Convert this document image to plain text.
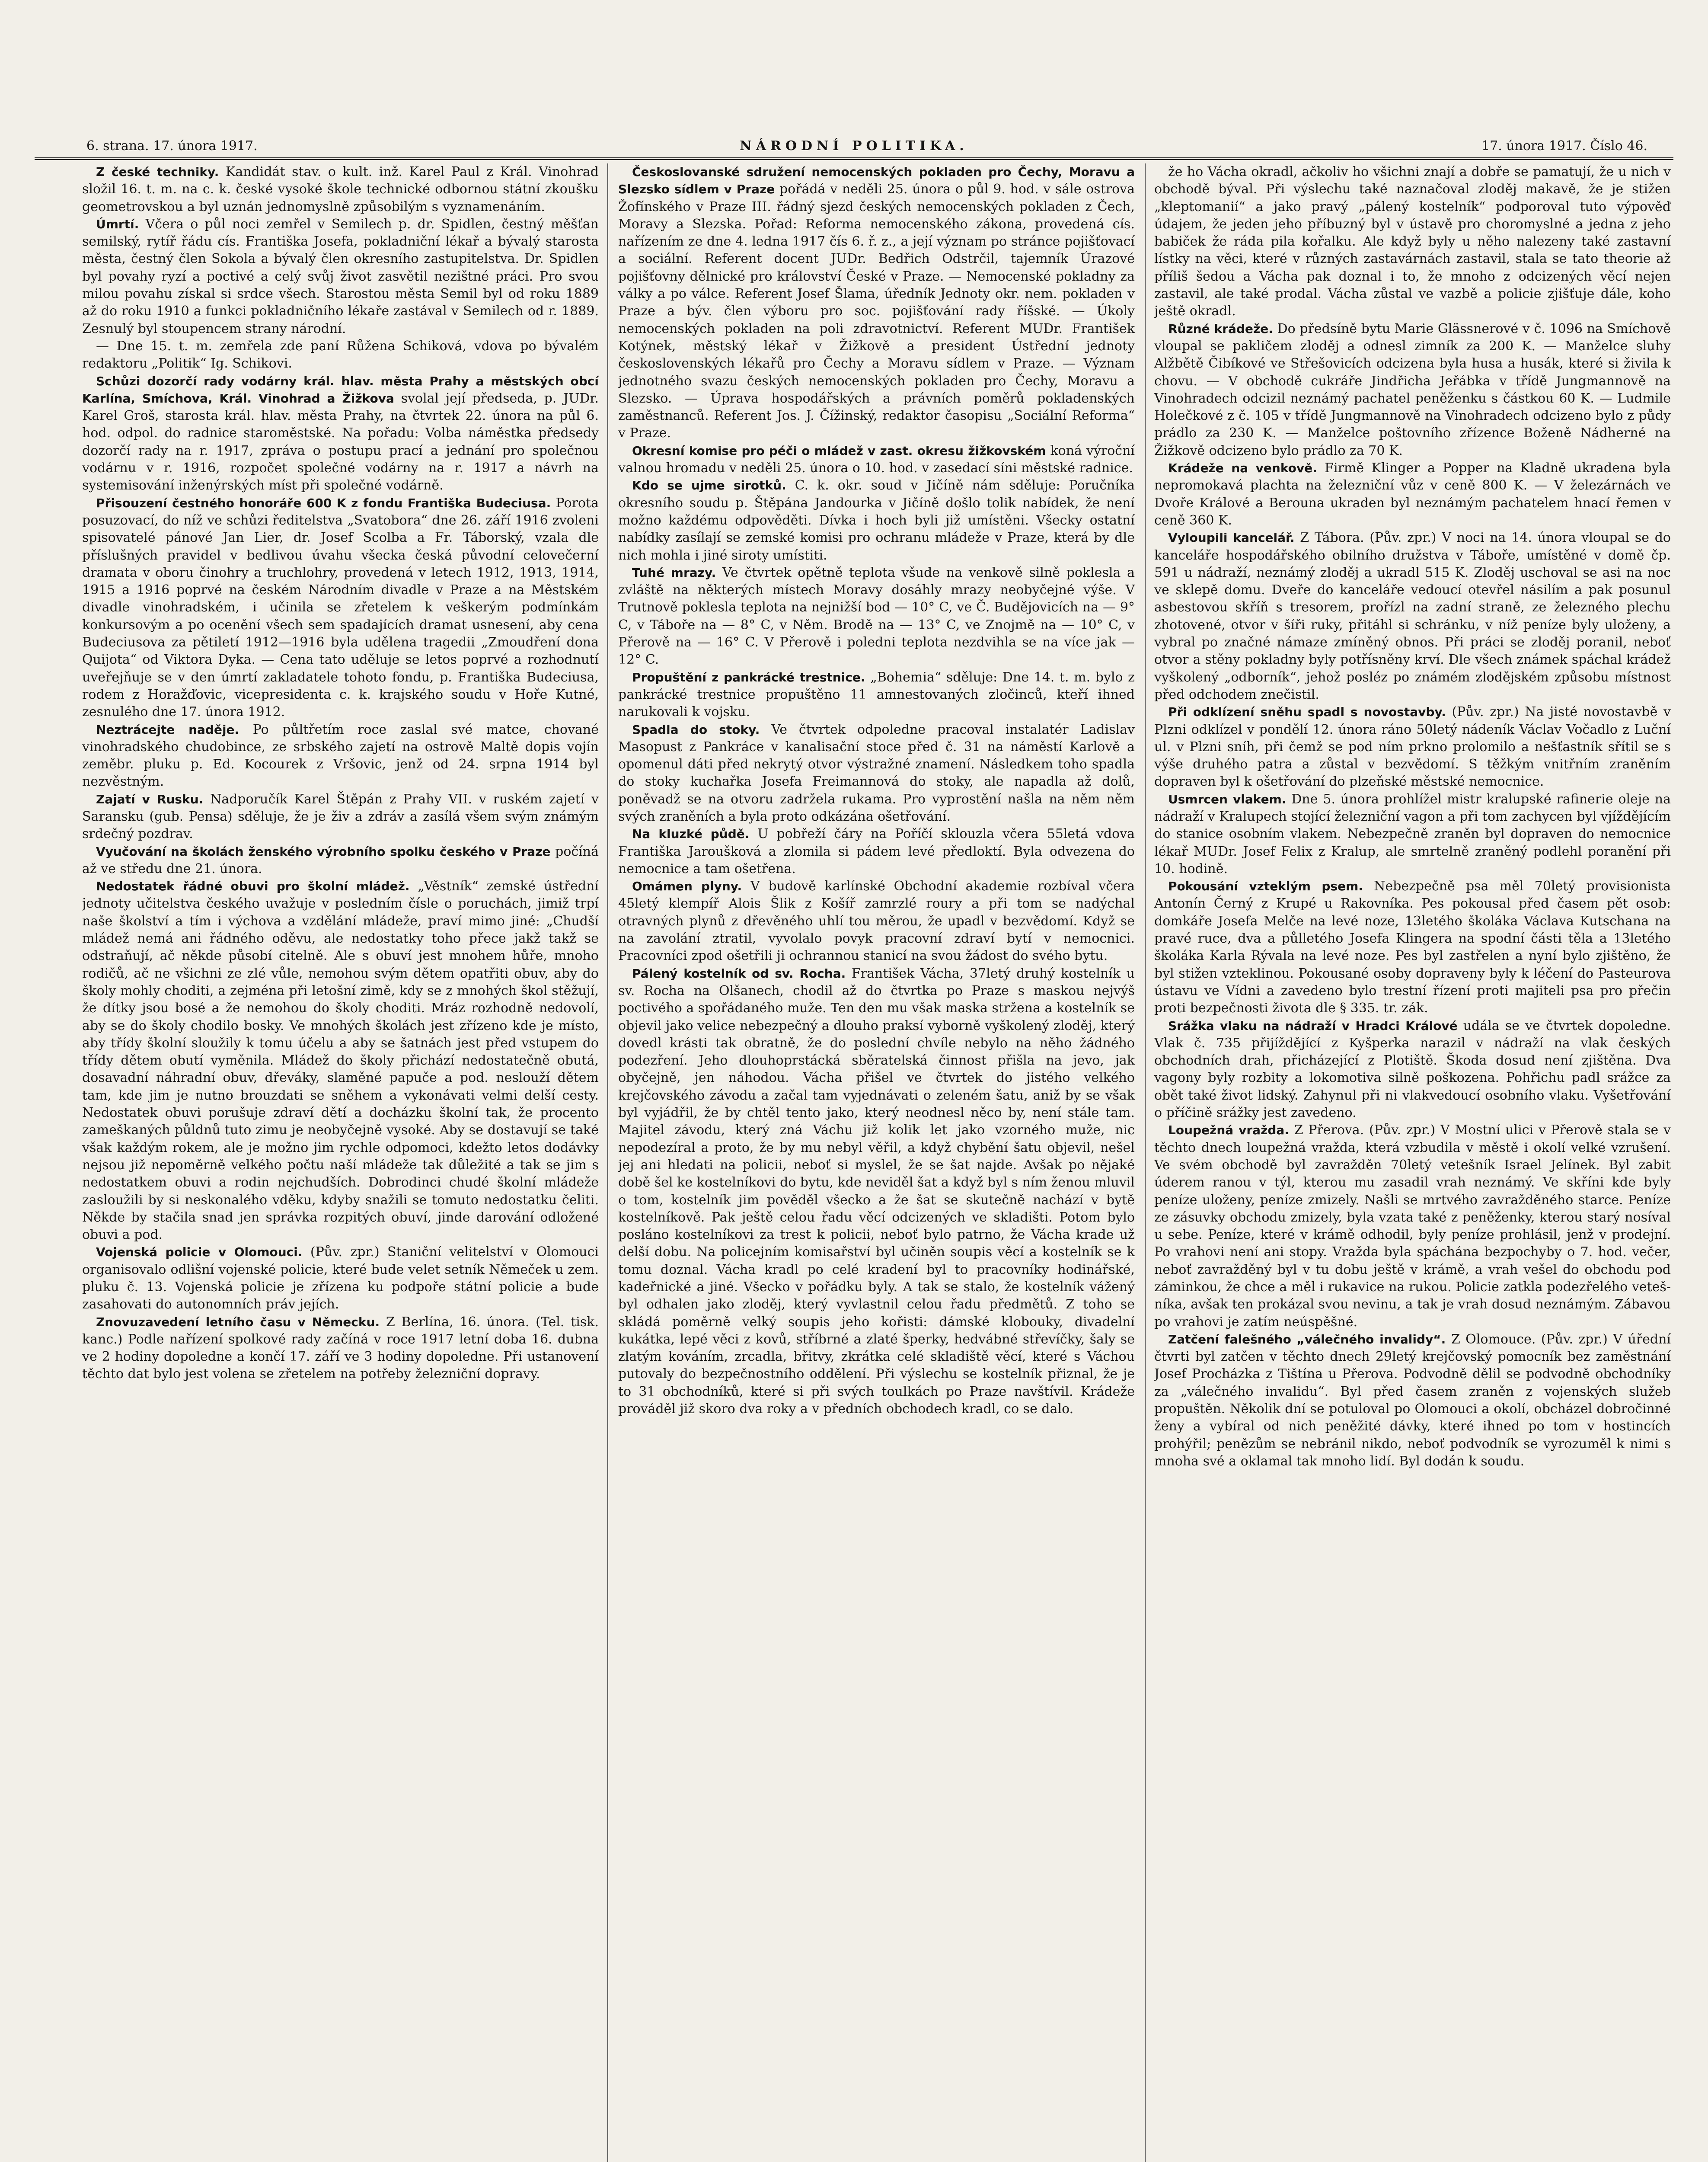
6. strana. 17. února 1917.	NÁRODNÍ POLITIKA.	17. února 1917. Číslo 46.

Z české techniky. Kandidát stav. o kult. inž. Karel Paul z Král. Vinohrad složil 16. t. m. na c. k. české vysoké škole technické odbornou státní zkoušku geometrovskou a byl uznán jednomyslně způsobilým s vyznamenáním.

Úmrtí. Včera o půl noci zemřel v Semilech p. dr. Spidlen, čestný měšťan semilský, rytíř řádu cís. Františka Josefa, pokladniční lékař a bývalý starosta města, čestný člen Sokola a bývalý člen okresního zastupitelstva. Dr. Spidlen byl povahy ryzí a poctivé a celý svůj život zasvětil nezištné práci. Pro svou milou povahu získal si srdce všech. Starostou města Semil byl od roku 1889 až do roku 1910 a funkci pokladničního lékaře zastával v Semilech od r. 1889. Zesnulý byl stoupencem strany národní.

— Dne 15. t. m. zemřela zde paní Růžena Schiková, vdova po bývalém redaktoru „Politik“ Ig. Schikovi.

Schůzi dozorčí rady vodárny král. hlav. města Prahy a městských obcí Karlína, Smíchova, Král. Vinohrad a Žižkova svolal její předseda, p. JUDr. Karel Groš, starosta král. hlav. města Prahy, na čtvrtek 22. února na půl 6. hod. odpol. do radnice staroměstské. Na pořadu: Volba náměstka předsedy dozorčí rady na r. 1917, zpráva o postupu prací a jednání pro společnou vodárnu v r. 1916, rozpočet společné vodárny na r. 1917 a návrh na systemisování inženýrských míst při společné vodárně.

Přisouzení čestného honoráře 600 K z fondu Františka Budeciusa. Porota posuzovací, do níž ve schůzi ředitelstva „Svatobora“ dne 26. září 1916 zvoleni spisovatelé pánové Jan Lier, dr. Josef Scolba a Fr. Táborský, vzala dle příslušných pravidel v bedlivou úvahu všecka česká původní celovečerní dramata v oboru činohry a truchlohry, provedená v letech 1912, 1913, 1914, 1915 a 1916 poprvé na českém Národním divadle v Praze a na Městském divadle vinohradském, i učinila se zřetelem k veškerým podmínkám konkursovým a po ocenění všech sem spadajících dramat usnesení, aby cena Budeciusova za pětiletí 1912—1916 byla udělena tragedii „Zmoudření dona Quijota“ od Viktora Dyka. — Cena tato uděluje se letos poprvé a rozhodnutí uveřejňuje se v den úmrtí zakladatele tohoto fondu, p. Františka Budeciusa, rodem z Horažďovic, vicepresidenta c. k. krajského soudu v Hoře Kutné, zesnulého dne 17. února 1912.

Neztrácejte naděje. Po půltřetím roce zaslal své matce, chované vinohradského chudobince, ze srbského zajetí na ostrově Maltě dopis vojín zeměbr. pluku p. Ed. Kocourek z Vršovic, jenž od 24. srpna 1914 byl nezvěstným.

Zajatí v Rusku. Nadporučík Karel Štěpán z Prahy VII. v ruském zajetí v Saransku (gub. Pensa) sděluje, že je živ a zdráv a zasílá všem svým známým srdečný pozdrav.

Vyučování na školách ženského výrobního spolku českého v Praze počíná až ve středu dne 21. února.

Nedostatek řádné obuvi pro školní mládež. „Věstník“ zemské ústřední jednoty učitelstva českého uvažuje v posledním čísle o poruchách, jimiž trpí naše školství a tím i výchova a vzdělání mládeže, praví mimo jiné: „Chudší mládež nemá ani řádného oděvu, ale nedostatky toho přece jakž takž se odstraňují, ač někde působí citelně. Ale s obuví jest mnohem hůře, mnoho rodičů, ač ne všichni ze zlé vůle, nemohou svým dětem opatřiti obuv, aby do školy mohly choditi, a zejména při letošní zimě, kdy se z mnohých škol stěžují, že dítky jsou bosé a že nemohou do školy choditi. Mráz rozhodně nedovolí, aby se do školy chodilo bosky. Ve mnohých školách jest zřízeno kde je místo, aby třídy školní sloužily k tomu účelu a aby se šatnách jest před vstupem do třídy dětem obutí vyměnila. Mládež do školy přichází nedostatečně obutá, dosavadní náhradní obuv, dřeváky, slaměné papuče a pod. neslouží dětem tam, kde jim je nutno brouzdati se sněhem a vykonávati velmi delší cesty. Nedostatek obuvi porušuje zdraví dětí a docházku školní tak, že procento zameškaných půldnů tuto zimu je neobyčejně vysoké. Aby se dostavují se také však každým rokem, ale je možno jim rychle odpomoci, kdežto letos dodávky nejsou již nepoměrně velkého počtu naší mládeže tak důležité a tak se jim s nedostatkem obuvi a rodin nejchudších. Dobrodinci chudé školní mládeže zasloužili by si neskonalého vděku, kdyby snažili se tomuto nedostatku čeliti. Někde by stačila snad jen správka rozpitých obuví, jinde darování odložené obuvi a pod.

Vojenská policie v Olomouci. (Pův. zpr.) Staniční velitelství v Olomouci organisovalo odlišní vojenské policie, které bude velet setník Němeček u zem. pluku č. 13. Vojenská policie je zřízena ku podpoře státní policie a bude zasahovati do autonomních práv jejích.

Znovuzavedení letního času v Německu. Z Berlína, 16. února. (Tel. tisk. kanc.) Podle nařízení spolkové rady začíná v roce 1917 letní doba 16. dubna ve 2 hodiny dopoledne a končí 17. září ve 3 hodiny dopoledne. Při ustanovení těchto dat bylo jest volena se zřetelem na potřeby železniční dopravy.

Českoslovanské sdružení nemocenských pokladen pro Čechy, Moravu a Slezsko sídlem v Praze pořádá v neděli 25. února o půl 9. hod. v sále ostrova Žofínského v Praze III. řádný sjezd českých nemocenských pokladen z Čech, Moravy a Slezska. Pořad: Reforma nemocenského zákona, provedená cís. nařízením ze dne 4. ledna 1917 čís 6. ř. z., a její význam po stránce pojišťovací a sociální. Referent docent JUDr. Bedřich Odstrčil, tajemník Úrazové pojišťovny dělnické pro království České v Praze. — Nemocenské pokladny za války a po válce. Referent Josef Šlama, úředník Jednoty okr. nem. pokladen v Praze a býv. člen výboru pro soc. pojišťování rady říšské. — Úkoly nemocenských pokladen na poli zdravotnictví. Referent MUDr. František Kotýnek, městský lékař v Žižkově a president Ústřední jednoty československých lékařů pro Čechy a Moravu sídlem v Praze. — Význam jednotného svazu českých nemocenských pokladen pro Čechy, Moravu a Slezsko. — Úprava hospodářských a právních poměrů pokladenských zaměstnanců. Referent Jos. J. Čížinský, redaktor časopisu „Sociální Reforma“ v Praze.

Okresní komise pro péči o mládež v zast. okresu žižkovském koná výroční valnou hromadu v neděli 25. února o 10. hod. v zasedací síni městské radnice.

Kdo se ujme sirotků. C. k. okr. soud v Jičíně nám sděluje: Poručníka okresního soudu p. Štěpána Jandourka v Jičíně došlo tolik nabídek, že není možno každému odpověděti. Dívka i hoch byli již umístěni. Všecky ostatní nabídky zasílají se zemské komisi pro ochranu mládeže v Praze, která by dle nich mohla i jiné siroty umístiti.

Tuhé mrazy. Ve čtvrtek opětně teplota všude na venkově silně poklesla a zvláště na některých místech Moravy dosáhly mrazy neobyčejné výše. V Trutnově poklesla teplota na nejnižší bod — 10° C, ve Č. Budějovicích na — 9° C, v Táboře na — 8° C, v Něm. Brodě na — 13° C, ve Znojmě na — 10° C, v Přerově na — 16° C. V Přerově i poledni teplota nezdvihla se na více jak — 12° C.

Propuštění z pankrácké trestnice. „Bohemia“ sděluje: Dne 14. t. m. bylo z pankrácké trestnice propuštěno 11 amnestovaných zločinců, kteří ihned narukovali k vojsku.

Spadla do stoky. Ve čtvrtek odpoledne pracoval instalatér Ladislav Masopust z Pankráce v kanalisační stoce před č. 31 na náměstí Karlově a opomenul dáti před nekrytý otvor výstražné znamení. Následkem toho spadla do stoky kuchařka Josefa Freimannová do stoky, ale napadla až dolů, poněvadž se na otvoru zadržela rukama. Pro vyprostění našla na něm něm svých zraněních a byla proto odkázána ošetřování.

Na kluzké půdě. U pobřeží čáry na Poříčí sklouzla včera 55letá vdova Františka Jaroušková a zlomila si pádem levé předloktí. Byla odvezena do nemocnice a tam ošetřena.

Omámen plyny. V budově karlínské Obchodní akademie rozbíval včera 45letý klempíř Alois Šlik z Košíř zamrzlé roury a při tom se nadýchal otravných plynů z dřevěného uhlí tou měrou, že upadl v bezvědomí. Když se na zavolání ztratil, vyvolalo povyk pracovní zdraví bytí v nemocnici. Pracovníci zpod ošetřili ji ochrannou stanicí na svou žádost do svého bytu.

Pálený kostelník od sv. Rocha. František Vácha, 37letý druhý kostelník u sv. Rocha na Olšanech, chodil až do čtvrtka po Praze s maskou nejvýš poctivého a spořádaného muže. Ten den mu však maska stržena a kostelník se objevil jako velice nebezpečný a dlouho praksí vyborně vyškolený zloděj, který dovedl krásti tak obratně, že do poslední chvíle nebylo na něho žádného podezření. Jeho dlouhoprstácká sběratelská činnost přišla na jevo, jak obyčejně, jen náhodou. Vácha přišel ve čtvrtek do jistého velkého krejčovského závodu a začal tam vyjednávati o zeleném šatu, aniž by se však byl vyjádřil, že by chtěl tento jako, který neodnesl něco by, není stále tam. Majitel závodu, který zná Váchu již kolik let jako vzorného muže, nic nepodezíral a proto, že by mu nebyl věřil, a když chybění šatu objevil, nešel jej ani hledati na policii, neboť si myslel, že se šat najde. Avšak po nějaké době šel ke kostelníkovi do bytu, kde neviděl šat a když byl s ním ženou mluvil o tom, kostelník jim pověděl všecko a že šat se skutečně nachází v bytě kostelníkově. Pak ještě celou řadu věcí odcizených ve skladišti. Potom bylo posláno kostelníkovi za trest k policii, neboť bylo patrno, že Vácha krade už delší dobu. Na policejním komisařství byl učiněn soupis věcí a kostelník se k tomu doznal. Vácha kradl po celé kradení byl to pracovníky hodinářské, kadeřnické a jiné. Všecko v pořádku byly. A tak se stalo, že kostelník vážený byl odhalen jako zloděj, který vyvlastnil celou řadu předmětů. Z toho se skládá poměrně velký soupis jeho kořisti: dámské klobouky, divadelní kukátka, lepé věci z kovů, stříbrné a zlaté šperky, hedvábné střevíčky, šaly se zlatým kováním, zrcadla, břitvy, zkrátka celé skladiště věcí, které s Váchou putovaly do bezpečnostního oddělení. Při výslechu se kostelník přiznal, že je to 31 obchodníků, které si při svých toulkách po Praze navštívil. Krádeže prováděl již skoro dva roky a v předních obchodech kradl, co se dalo.

že ho Vácha okradl, ačkoliv ho všichni znají a dobře se pamatují, že u nich v obchodě býval. Při výslechu také naznačoval zloděj makavě, že je stižen „kleptomanií“ a jako pravý „pálený kostelník“ podporoval tuto výpověď údajem, že jeden jeho příbuzný byl v ústavě pro choromyslné a jedna z jeho babiček že ráda pila kořalku. Ale když byly u něho nalezeny také zastavní lístky na věci, které v různých zastavárnách zastavil, stala se tato theorie až příliš šedou a Vácha pak doznal i to, že mnoho z odcizených věcí nejen zastavil, ale také prodal. Vácha zůstal ve vazbě a policie zjišťuje dále, koho ještě okradl.

Různé krádeže. Do předsíně bytu Marie Glässnerové v č. 1096 na Smíchově vloupal se pakličem zloděj a odnesl zimník za 200 K. — Manželce sluhy Alžbětě Čibíkové ve Střešovicích odcizena byla husa a husák, které si živila k chovu. — V obchodě cukráře Jindřicha Jeřábka v třídě Jungmannově na Vinohradech odcizil neznámý pachatel peněženku s částkou 60 K. — Ludmile Holečkové z č. 105 v třídě Jungmannově na Vinohradech odcizeno bylo z půdy prádlo za 230 K. — Manželce poštovního zřízence Boženě Nádherné na Žižkově odcizeno bylo prádlo za 70 K.

Krádeže na venkově. Firmě Klinger a Popper na Kladně ukradena byla nepromokavá plachta na železniční vůz v ceně 800 K. — V železárnách ve Dvoře Králové a Berouna ukraden byl neznámým pachatelem hnací řemen v ceně 360 K.

Vyloupili kancelář. Z Tábora. (Pův. zpr.) V noci na 14. února vloupal se do kanceláře hospodářského obilního družstva v Táboře, umístěné v domě čp. 591 u nádraží, neznámý zloděj a ukradl 515 K. Zloděj uschoval se asi na noc ve sklepě domu. Dveře do kanceláře vedoucí otevřel násilím a pak posunul asbestovou skříň s tresorem, prořízl na zadní straně, ze železného plechu zhotovené, otvor v šíři ruky, přitáhl si schránku, v níž peníze byly uloženy, a vybral po značné námaze zmíněný obnos. Při práci se zloděj poranil, neboť otvor a stěny pokladny byly potřísněny krví. Dle všech známek spáchal krádež vyškolený „odborník“, jehož posléz po známém zlodějském způsobu místnost před odchodem znečistil.

Při odklízení sněhu spadl s novostavby. (Pův. zpr.) Na jisté novostavbě v Plzni odklízel v pondělí 12. února ráno 50letý nádeník Václav Vočadlo z Luční ul. v Plzni sníh, při čemž se pod ním prkno prolomilo a nešťastník sřítil se s výše druhého patra a zůstal v bezvědomí. S těžkým vnitřním zraněním dopraven byl k ošetřování do plzeňské městské nemocnice.

Usmrcen vlakem. Dne 5. února prohlížel mistr kralupské rafinerie oleje na nádraží v Kralupech stojící železniční vagon a při tom zachycen byl vjíždějícím do stanice osobním vlakem. Nebezpečně zraněn byl dopraven do nemocnice lékař MUDr. Josef Felix z Kralup, ale smrtelně zraněný podlehl poranění při 10. hodině.

Pokousání vzteklým psem. Nebezpečně psa měl 70letý provisionista Antonín Černý z Krupé u Rakovníka. Pes pokousal před časem pět osob: domkáře Josefa Melče na levé noze, 13letého školáka Václava Kutschana na pravé ruce, dva a půlletého Josefa Klingera na spodní části těla a 13letého školáka Karla Rývala na levé noze. Pes byl zastřelen a nyní bylo zjištěno, že byl stižen vzteklinou. Pokousané osoby dopraveny byly k léčení do Pasteurova ústavu ve Vídni a zavedeno bylo trestní řízení proti majiteli psa pro přečin proti bezpečnosti života dle § 335. tr. zák.

Srážka vlaku na nádraží v Hradci Králové udála se ve čtvrtek dopoledne. Vlak č. 735 přijíždějící z Kyšperka narazil v nádraží na vlak českých obchodních drah, přicházející z Plotiště. Škoda dosud není zjištěna. Dva vagony byly rozbity a lokomotiva silně poškozena. Pohřichu padl srážce za obět také život lidský. Zahynul při ni vlakvedoucí osobního vlaku. Vyšetřování o příčině srážky jest zavedeno.

Loupežná vražda. Z Přerova. (Pův. zpr.) V Mostní ulici v Přerově stala se v těchto dnech loupežná vražda, která vzbudila v městě i okolí velké vzrušení. Ve svém obchodě byl zavražděn 70letý vetešník Israel Jelínek. Byl zabit úderem ranou v týl, kterou mu zasadil vrah neznámý. Ve skříni kde byly peníze uloženy, peníze zmizely. Našli se mrtvého zavražděného starce. Peníze ze zásuvky obchodu zmizely, byla vzata také z peněženky, kterou starý nosíval u sebe. Peníze, které v krámě odhodil, byly peníze prohlásil, jenž v prodejní. Po vrahovi není ani stopy. Vražda byla spáchána bezpochyby o 7. hod. večer, neboť zavražděný byl v tu dobu ještě v krámě, a vrah vešel do obchodu pod záminkou, že chce a měl i rukavice na rukou. Policie zatkla podezřelého vetešníka, avšak ten prokázal svou nevinu, a tak je vrah dosud neznámým. Zábavou po vrahovi je zatím neúspěšné.

Zatčení falešného „válečného invalidy“. Z Olomouce. (Pův. zpr.) V úřední čtvrti byl zatčen v těchto dnech 29letý krejčovský pomocník bez zaměstnání Josef Procházka z Tištína u Přerova. Podvodně dělil se podvodně obchodníky za „válečného invalidu“. Byl před časem zraněn z vojenských služeb propuštěn. Několik dní se potuloval po Olomouci a okolí, obcházel dobročinné ženy a vybíral od nich peněžité dávky, které ihned po tom v hostincích prohýřil; penězům se nebránil nikdo, neboť podvodník se vyrozuměl k nimi s mnoha své a oklamal tak mnoho lidí. Byl dodán k soudu.
